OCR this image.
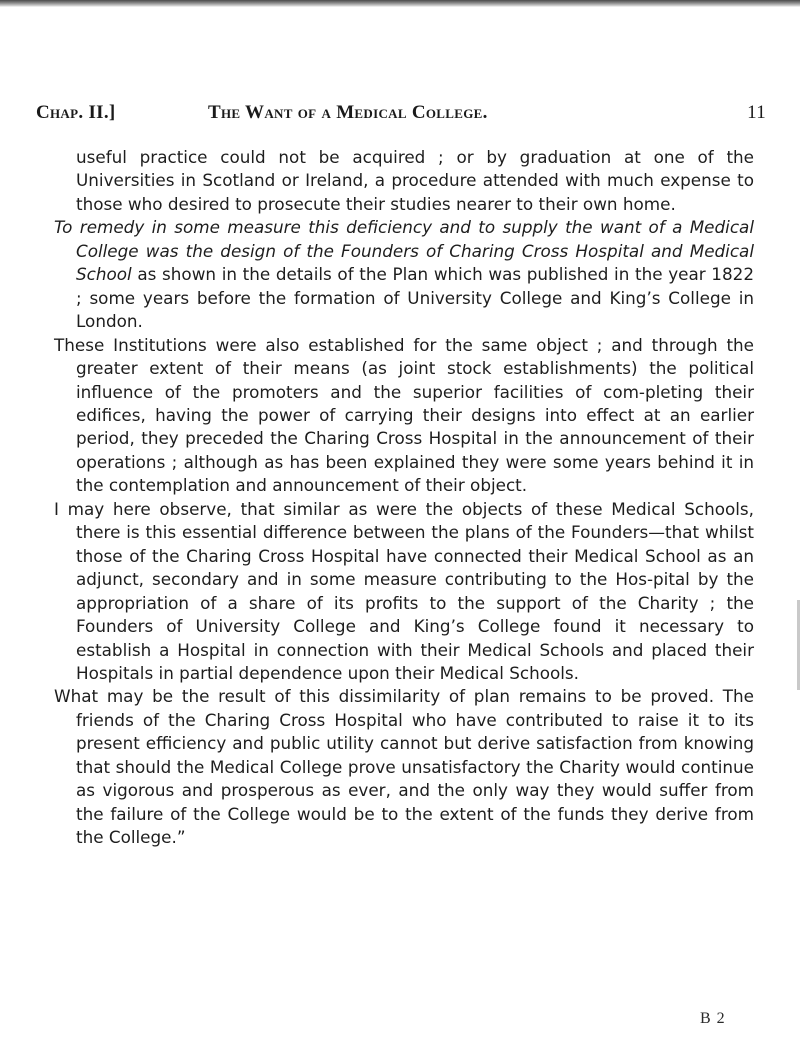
Chap. II.]	The Want of a Medical College.	11

useful practice could not be acquired ; or by graduation at one of the Universities in Scotland or Ireland, a procedure attended with much expense to those who desired to prosecute their studies nearer to their own home.

To remedy in some measure this deficiency and to supply the want of a Medical College was the design of the Founders of Charing Cross Hospital and Medical School as shown in the details of the Plan which was published in the year 1822 ; some years before the formation of University College and King’s College in London.

These Institutions were also established for the same object ; and through the greater extent of their means (as joint stock establishments) the political influence of the promoters and the superior facilities of com-pleting their edifices, having the power of carrying their designs into effect at an earlier period, they preceded the Charing Cross Hospital in the announcement of their operations ; although as has been explained they were some years behind it in the contemplation and announcement of their object.

I may here observe, that similar as were the objects of these Medical Schools, there is this essential difference between the plans of the Founders—that whilst those of the Charing Cross Hospital have connected their Medical School as an adjunct, secondary and in some measure contributing to the Hos-pital by the appropriation of a share of its profits to the support of the Charity ; the Founders of University College and King’s College found it necessary to establish a Hospital in connection with their Medical Schools and placed their Hospitals in partial dependence upon their Medical Schools.

What may be the result of this dissimilarity of plan remains to be proved. The friends of the Charing Cross Hospital who have contributed to raise it to its present efficiency and public utility cannot but derive satisfaction from knowing that should the Medical College prove unsatisfactory the Charity would continue as vigorous and prosperous as ever, and the only way they would suffer from the failure of the College would be to the extent of the funds they derive from the College.”

B 2
